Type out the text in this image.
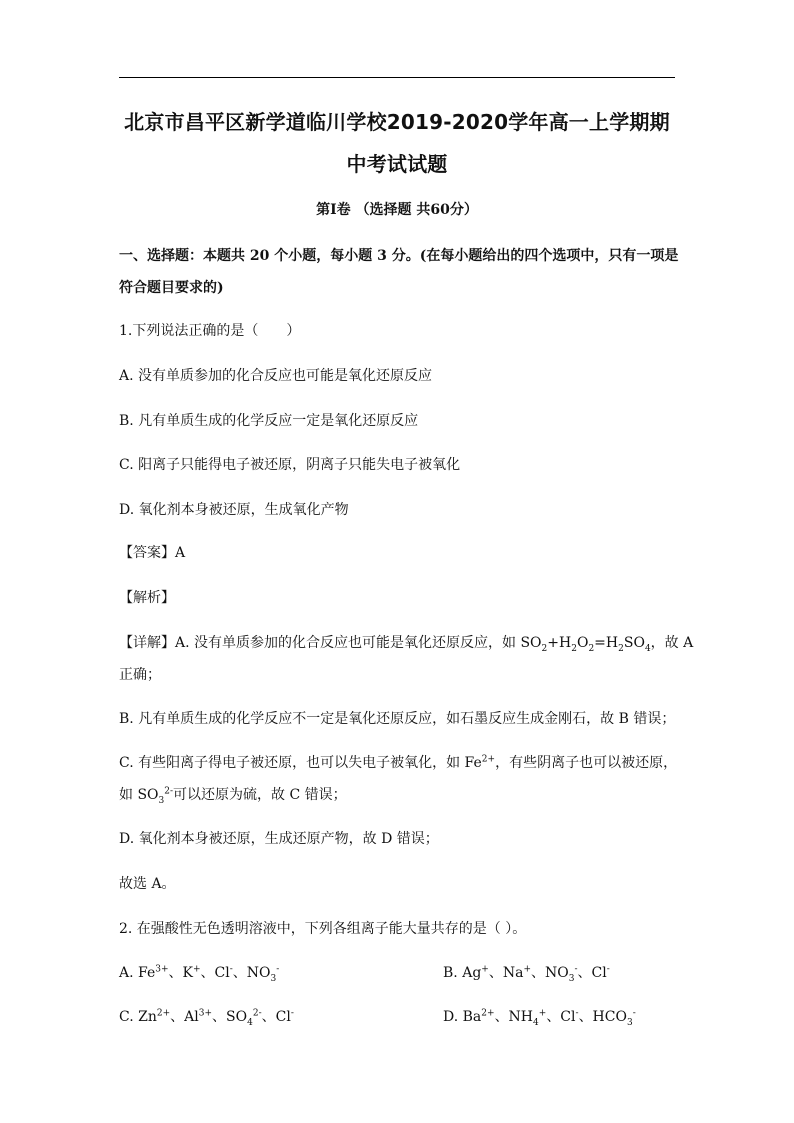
北京市昌平区新学道临川学校2019-2020学年高一上学期期
中考试试题
第I卷 （选择题 共60分）
一、选择题：本题共 20 个小题，每小题 3 分。(在每小题给出的四个选项中，只有一项是
符合题目要求的)
1.下列说法正确的是（　　）
A. 没有单质参加的化合反应也可能是氧化还原反应
B. 凡有单质生成的化学反应一定是氧化还原反应
C. 阳离子只能得电子被还原，阴离子只能失电子被氧化
D. 氧化剂本身被还原，生成氧化产物
【答案】A
【解析】
【详解】A. 没有单质参加的化合反应也可能是氧化还原反应，如 $SO_2+H_2O_2=H_2SO_4$，故 A
正确；
B. 凡有单质生成的化学反应不一定是氧化还原反应，如石墨反应生成金刚石，故 B 错误；
C. 有些阳离子得电子被还原，也可以失电子被氧化，如 $Fe^{2+}$，有些阴离子也可以被还原，
如 $SO_3^{2-}$可以还原为硫，故 C 错误；
D. 氧化剂本身被还原，生成还原产物，故 D 错误；
故选 A。
2. 在强酸性无色透明溶液中，下列各组离子能大量共存的是（ ）。
A. $Fe^{3+}$、K+、Cl-、$NO_3^-$	B. Ag+、Na+、$NO_3^-$、Cl-
C. $Zn^{2+}$、$Al^{3+}$、$SO_4^{2-}$、Cl-	D. $Ba^{2+}$、$NH_4^+$、Cl-、$HCO_3^-$
